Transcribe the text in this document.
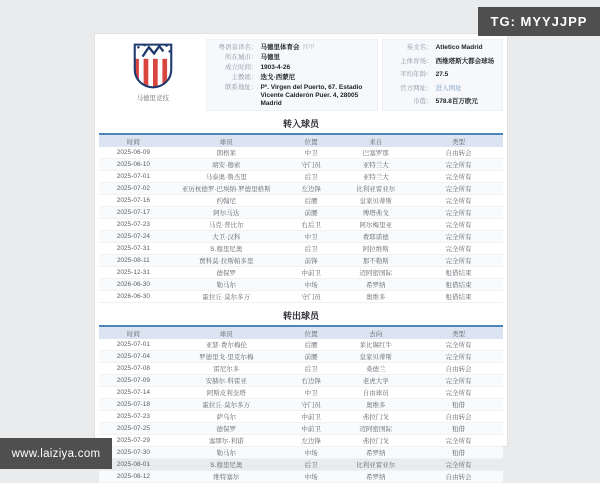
马德里竞技
粤语音译名： 马德里体育会 西甲
所在城市： 马德里
成立时间： 1903-4-26
主教练： 迭戈·西蒙尼
联系地址： Pº. Virgen del Puerto, 67. Estadio Vicente Calderón Puer. 4, 28005 Madrid
英文名： Atletico Madrid
主体育场： 西维塔斯大都会球场
平均年龄： 27.5
官方网址： 进入网址
市值： 578.8百万欧元
转入球员
时间	球员	位置	来自	类型
2025-06-09	朗格莱	中卫	巴塞罗那	自由转会
2025-06-10	胡安·穆索	守门员	亚特兰大	完全所有
2025-07-01	马泰奥·鲁杰里	后卫	亚特兰大	完全所有
2025-07-02	亚历杭德罗·巴埃纳·罗德里格斯	左边锋	比利亚雷亚尔	完全所有
2025-07-16	约翰尼	后腰	皇家贝蒂斯	完全所有
2025-07-17	阿尔马达	前腰	博塔弗戈	完全所有
2025-07-23	马克·普比尔	右后卫	阿尔梅里亚	完全所有
2025-07-24	大卫·汉科	中卫	费耶诺德	完全所有
2025-07-31	S.穆里尼奥	后卫	阿拉维斯	完全所有
2025-08-11	贾科莫·拉斯帕多里	前锋	那不勒斯	完全所有
2025-12-31	德保罗	中前卫	迈阿密国际	租借结束
2026-06-30	勒马尔	中场	希罗纳	租借结束
2026-06-30	霍拉丘·莫尔多万	守门员	奥维多	租借结束
转出球员
时间	球员	位置	去向	类型
2025-07-01	亚瑟·费尔梅伦	后腰	莱比锡红牛	完全所有
2025-07-04	罗德里戈·里克尔梅	前腰	皇家贝蒂斯	完全所有
2025-07-08	雷尼尔多	后卫	桑德兰	自由转会
2025-07-09	安赫尔·科雷亚	右边锋	老虎大学	完全所有
2025-07-14	阿斯皮利奎塔	中卫	自由球员	完全所有
2025-07-18	霍拉丘·莫尔多万	守门员	奥维多	租借
2025-07-23	萨乌尔	中前卫	弗拉门戈	自由转会
2025-07-25	德保罗	中前卫	迈阿密国际	租借
2025-07-29	塞缪尔·利诺	左边锋	弗拉门戈	完全所有
2025-07-30	勒马尔	中场	希罗纳	租借
2025-08-01	S.穆里尼奥	后卫	比利亚雷亚尔	完全所有
2025-08-12	维特塞尔	中场	希罗纳	自由转会
TG: MYYJJPP
www.laiziya.com
